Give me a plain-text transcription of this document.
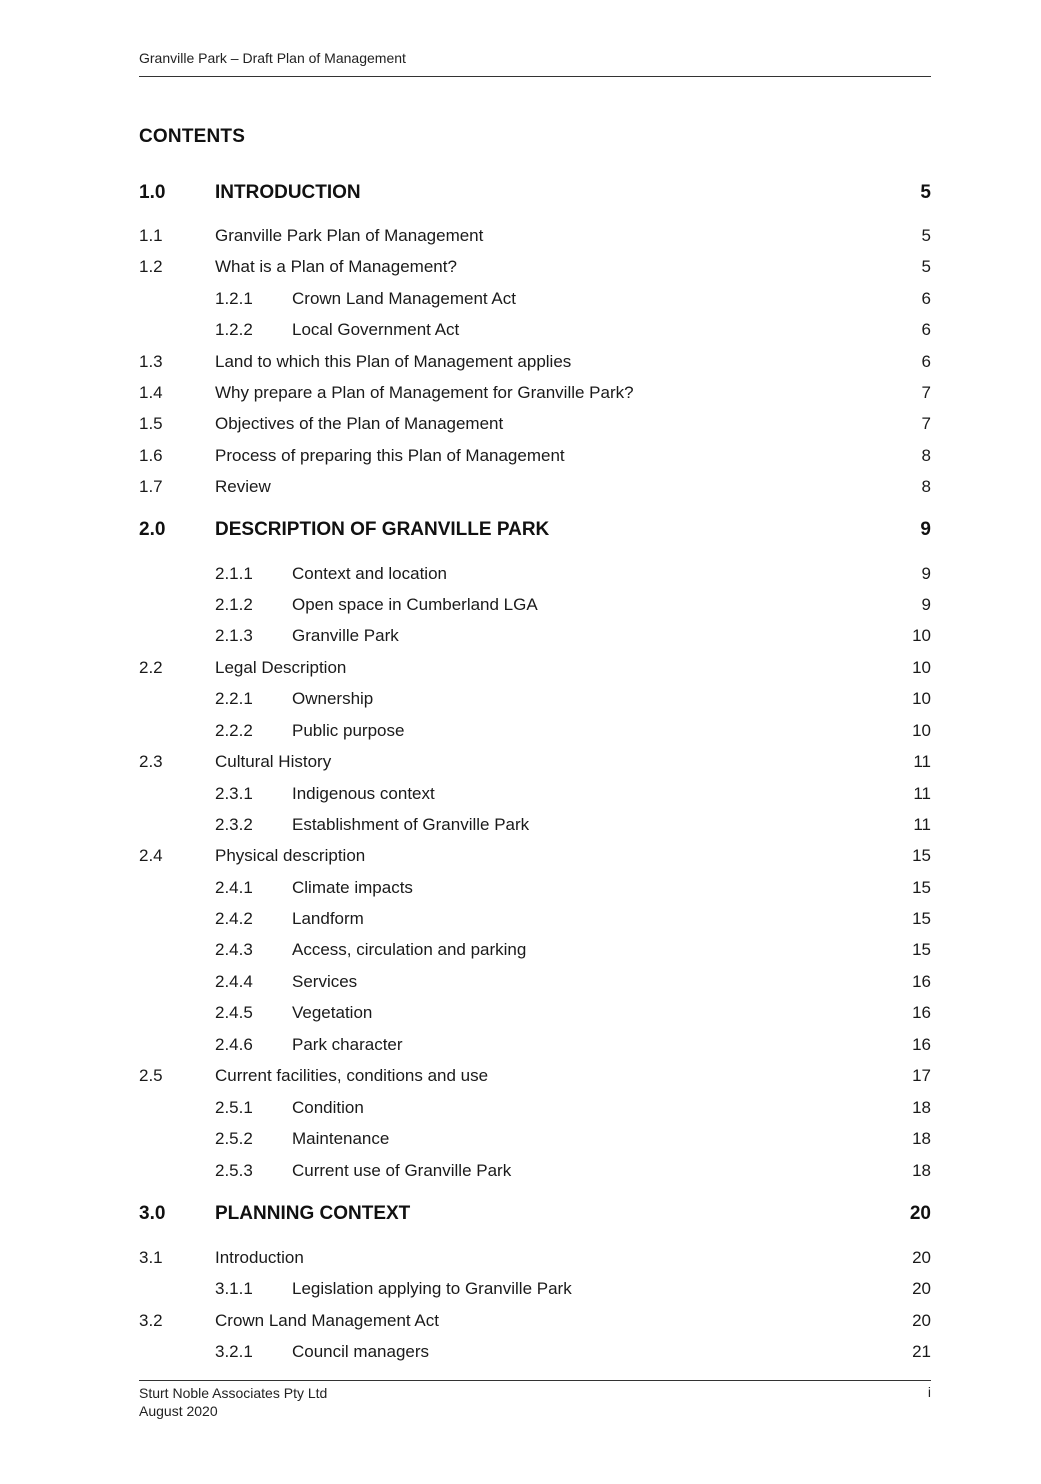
Granville Park – Draft Plan of Management
CONTENTS
1.0	INTRODUCTION	5
1.1	Granville Park Plan of Management	5
1.2	What is a Plan of Management?	5
1.2.1 Crown Land Management Act	6
1.2.2 Local Government Act	6
1.3	Land to which this Plan of Management applies	6
1.4	Why prepare a Plan of Management for Granville Park?	7
1.5	Objectives of the Plan of Management	7
1.6	Process of preparing this Plan of Management	8
1.7	Review	8
2.0	DESCRIPTION OF GRANVILLE PARK	9
2.1.1 Context and location	9
2.1.2 Open space in Cumberland LGA	9
2.1.3 Granville Park	10
2.2	Legal Description	10
2.2.1 Ownership	10
2.2.2 Public purpose	10
2.3	Cultural History	11
2.3.1 Indigenous context	11
2.3.2 Establishment of Granville Park	11
2.4	Physical description	15
2.4.1 Climate impacts	15
2.4.2 Landform	15
2.4.3 Access, circulation and parking	15
2.4.4 Services	16
2.4.5 Vegetation	16
2.4.6 Park character	16
2.5	Current facilities, conditions and use	17
2.5.1 Condition	18
2.5.2 Maintenance	18
2.5.3 Current use of Granville Park	18
3.0	PLANNING CONTEXT	20
3.1	Introduction	20
3.1.1 Legislation applying to Granville Park	20
3.2	Crown Land Management Act	20
3.2.1 Council managers	21
Sturt Noble Associates Pty Ltd
August 2020
i
